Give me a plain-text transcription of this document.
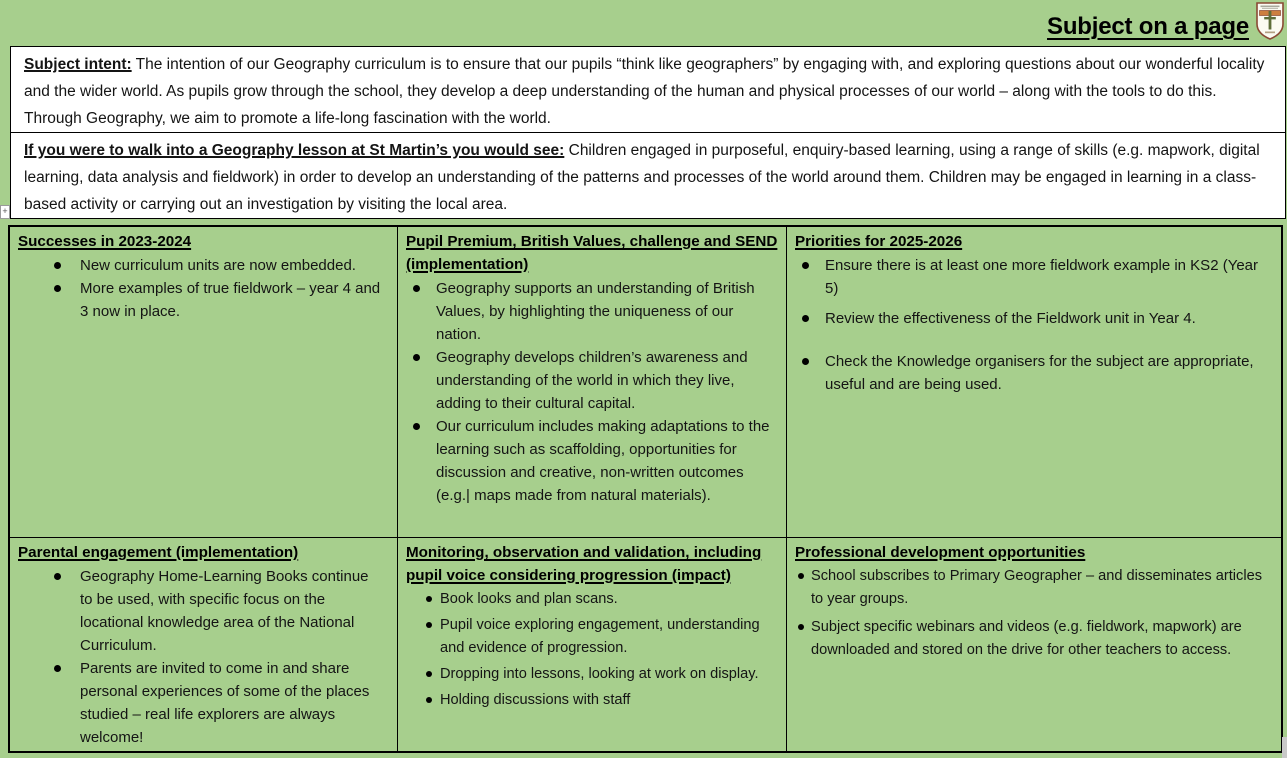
Subject on a page

Subject intent: The intention of our Geography curriculum is to ensure that our pupils “think like geographers” by engaging with, and exploring questions about our wonderful locality and the wider world. As pupils grow through the school, they develop a deep understanding of the human and physical processes of our world – along with the tools to do this. Through Geography, we aim to promote a life-long fascination with the world.

If you were to walk into a Geography lesson at St Martin’s you would see: Children engaged in purposeful, enquiry-based learning, using a range of skills (e.g. mapwork, digital learning, data analysis and fieldwork) in order to develop an understanding of the patterns and processes of the world around them. Children may be engaged in learning in a class-based activity or carrying out an investigation by visiting the local area.

+
Successes in 2023-2024
New curriculum units are now embedded.
More examples of true fieldwork – year 4 and 3 now in place.
Pupil Premium, British Values, challenge and SEND (implementation)
Geography supports an understanding of British Values, by highlighting the uniqueness of our nation.
Geography develops children’s awareness and understanding of the world in which they live, adding to their cultural capital.
Our curriculum includes making adaptations to the learning such as scaffolding, opportunities for discussion and creative, non-written outcomes (e.g.| maps made from natural materials).
Priorities for 2025-2026
Ensure there is at least one more fieldwork example in KS2 (Year 5)
Review the effectiveness of the Fieldwork unit in Year 4.
Check the Knowledge organisers for the subject are appropriate, useful and are being used.
Parental engagement (implementation)
Geography Home-Learning Books continue to be used, with specific focus on the locational knowledge area of the National Curriculum.
Parents are invited to come in and share personal experiences of some of the places studied – real life explorers are always welcome!
Monitoring, observation and validation, including pupil voice considering progression (impact)
Book looks and plan scans.
Pupil voice exploring engagement, understanding and evidence of progression.
Dropping into lessons, looking at work on display.
Holding discussions with staff
Professional development opportunities
School subscribes to Primary Geographer – and disseminates articles to year groups.
Subject specific webinars and videos (e.g. fieldwork, mapwork) are downloaded and stored on the drive for other teachers to access.
